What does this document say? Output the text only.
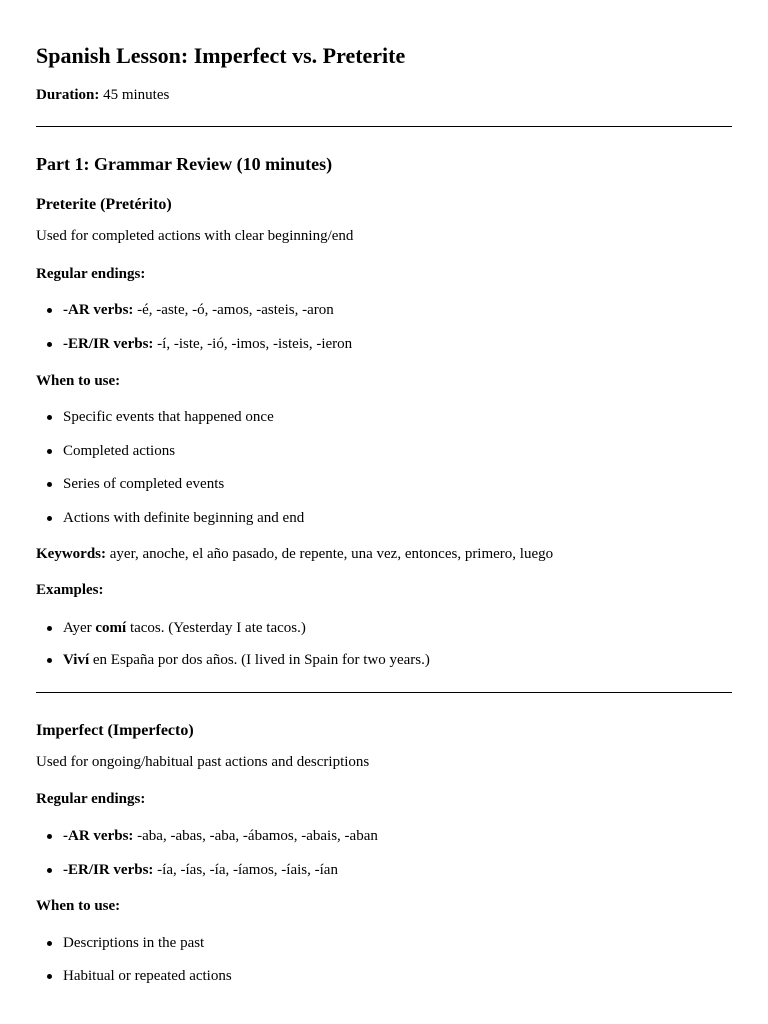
Spanish Lesson: Imperfect vs. Preterite

Duration: 45 minutes

Part 1: Grammar Review (10 minutes)
Preterite (Pretérito)

Used for completed actions with clear beginning/end

Regular endings:

-AR verbs: -é, -aste, -ó, -amos, -asteis, -aron
-ER/IR verbs: -í, -iste, -ió, -imos, -isteis, -ieron

When to use:

Specific events that happened once
Completed actions
Series of completed events
Actions with definite beginning and end

Keywords: ayer, anoche, el año pasado, de repente, una vez, entonces, primero, luego

Examples:

Ayer comí tacos. (Yesterday I ate tacos.)
Viví en España por dos años. (I lived in Spain for two years.)
Imperfect (Imperfecto)

Used for ongoing/habitual past actions and descriptions

Regular endings:

-AR verbs: -aba, -abas, -aba, -ábamos, -abais, -aban
-ER/IR verbs: -ía, -ías, -ía, -íamos, -íais, -ían

When to use:

Descriptions in the past
Habitual or repeated actions
